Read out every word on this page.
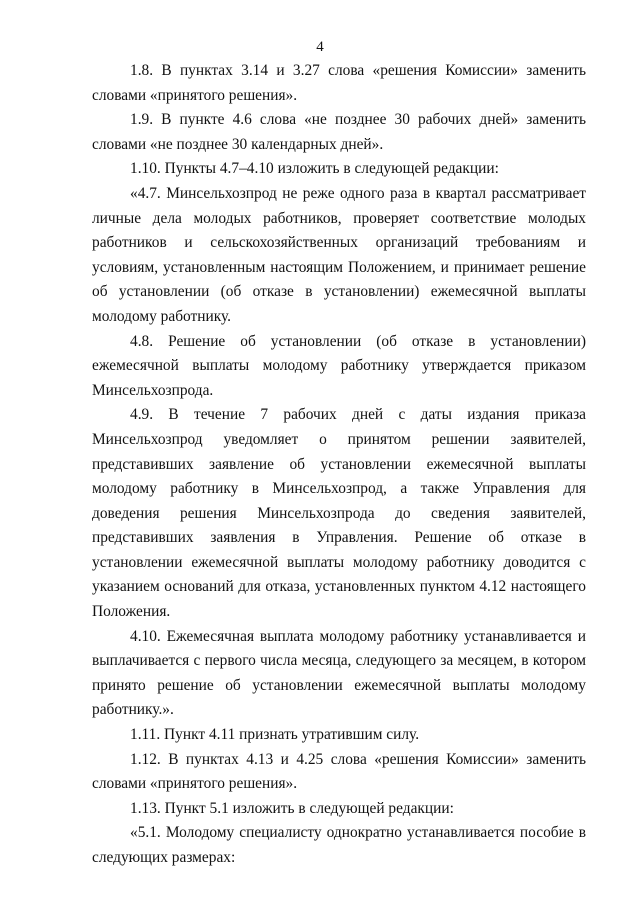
4

1.8. В пунктах 3.14 и 3.27 слова «решения Комиссии» заменить словами «принятого решения».

1.9. В пункте 4.6 слова «не позднее 30 рабочих дней» заменить словами «не позднее 30 календарных дней».

1.10. Пункты 4.7–4.10 изложить в следующей редакции:

«4.7. Минсельхозпрод не реже одного раза в квартал рассматривает личные дела молодых работников, проверяет соответствие молодых работников и сельскохозяйственных организаций требованиям и условиям, установленным настоящим Положением, и принимает решение об установлении (об отказе в установлении) ежемесячной выплаты молодому работнику.

4.8. Решение об установлении (об отказе в установлении) ежемесячной выплаты молодому работнику утверждается приказом Минсельхозпрода.

4.9. В течение 7 рабочих дней с даты издания приказа Минсельхозпрод уведомляет о принятом решении заявителей, представивших заявление об установлении ежемесячной выплаты молодому работнику в Минсельхозпрод, а также Управления для доведения решения Минсельхозпрода до сведения заявителей, представивших заявления в Управления. Решение об отказе в установлении ежемесячной выплаты молодому работнику доводится с указанием оснований для отказа, установленных пунктом 4.12 настоящего Положения.

4.10. Ежемесячная выплата молодому работнику устанавливается и выплачивается с первого числа месяца, следующего за месяцем, в котором принято решение об установлении ежемесячной выплаты молодому работнику.».

1.11. Пункт 4.11 признать утратившим силу.

1.12. В пунктах 4.13 и 4.25 слова «решения Комиссии» заменить словами «принятого решения».

1.13. Пункт 5.1 изложить в следующей редакции:

«5.1. Молодому специалисту однократно устанавливается пособие в следующих размерах:
